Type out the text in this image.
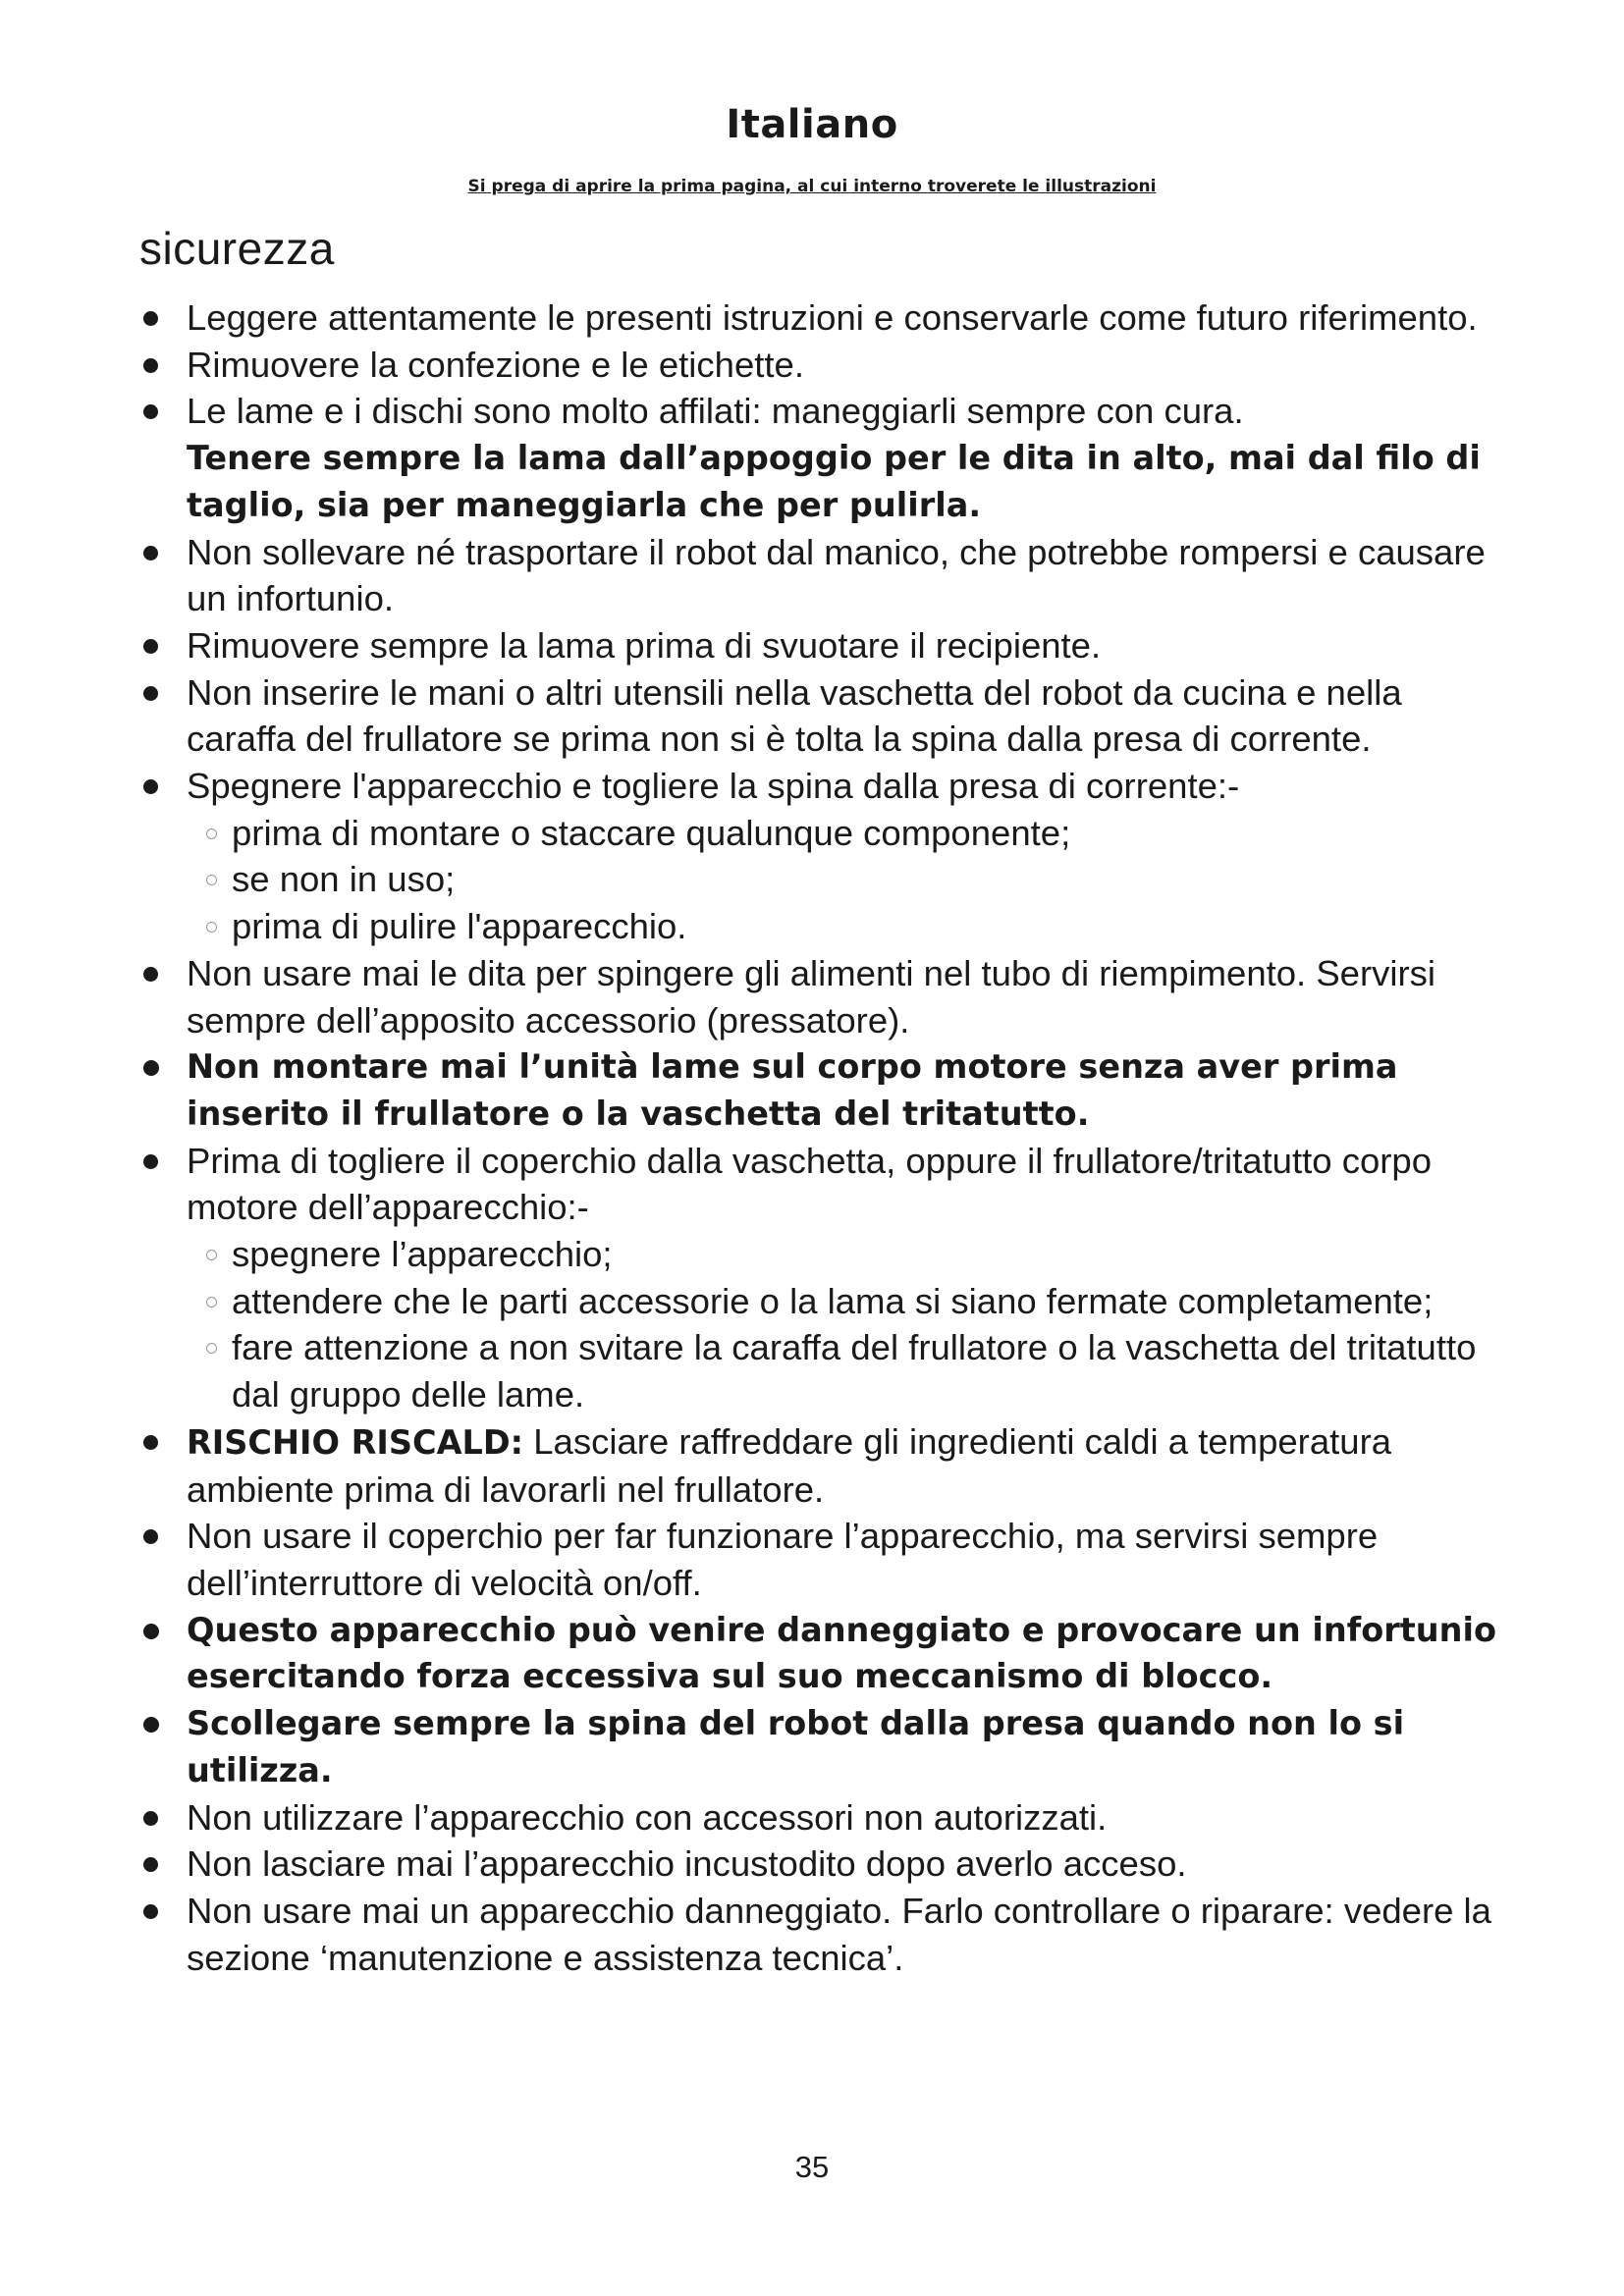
Italiano

Si prega di aprire la prima pagina, al cui interno troverete le illustrazioni

sicurezza
Leggere attentamente le presenti istruzioni e conservarle come futuro riferimento.
Rimuovere la confezione e le etichette.
Le lame e i dischi sono molto affilati: maneggiarli sempre con cura.
Tenere sempre la lama dall’appoggio per le dita in alto, mai dal filo di taglio, sia per maneggiarla che per pulirla.
Non sollevare né trasportare il robot dal manico, che potrebbe rompersi e causare un infortunio.
Rimuovere sempre la lama prima di svuotare il recipiente.
Non inserire le mani o altri utensili nella vaschetta del robot da cucina e nella caraffa del frullatore se prima non si è tolta la spina dalla presa di corrente.
Spegnere l'apparecchio e togliere la spina dalla presa di corrente:-
prima di montare o staccare qualunque componente;
se non in uso;
prima di pulire l'apparecchio.
Non usare mai le dita per spingere gli alimenti nel tubo di riempimento. Servirsi sempre dell’apposito accessorio (pressatore).
Non montare mai l’unità lame sul corpo motore senza aver prima inserito il frullatore o la vaschetta del tritatutto.
Prima di togliere il coperchio dalla vaschetta, oppure il frullatore/tritatutto corpo motore dell’apparecchio:-
spegnere l’apparecchio;
attendere che le parti accessorie o la lama si siano fermate completamente;
fare attenzione a non svitare la caraffa del frullatore o la vaschetta del tritatutto dal gruppo delle lame.
RISCHIO RISCALD: Lasciare raffreddare gli ingredienti caldi a temperatura ambiente prima di lavorarli nel frullatore.
Non usare il coperchio per far funzionare l’apparecchio, ma servirsi sempre dell’interruttore di velocità on/off.
Questo apparecchio può venire danneggiato e provocare un infortunio esercitando forza eccessiva sul suo meccanismo di blocco.
Scollegare sempre la spina del robot dalla presa quando non lo si utilizza.
Non utilizzare l’apparecchio con accessori non autorizzati.
Non lasciare mai l’apparecchio incustodito dopo averlo acceso.
Non usare mai un apparecchio danneggiato. Farlo controllare o riparare: vedere la sezione ‘manutenzione e assistenza tecnica’.
35
